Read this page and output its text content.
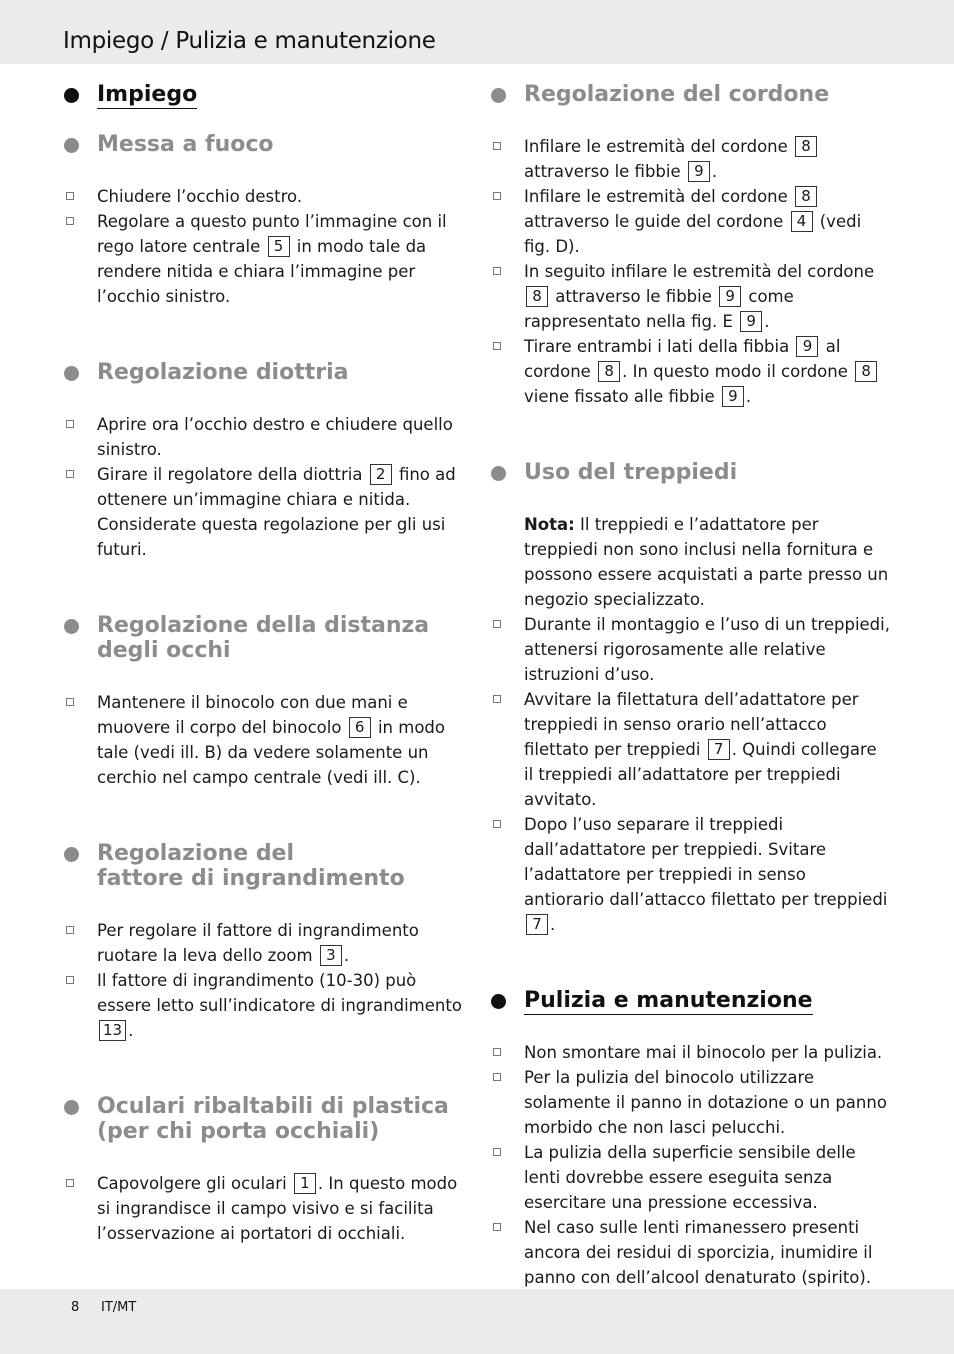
Impiego / Pulizia e manutenzione
Impiego
Messa a fuoco
Chiudere l’occhio destro.
Regolare a questo punto l’immagine con il rego latore centrale 5 in modo tale da rendere nitida e chiara l’immagine per l’occhio sinistro.
Regolazione diottria
Aprire ora l’occhio destro e chiudere quello sinistro.
Girare il regolatore della diottria 2 fino ad ottenere un’immagine chiara e nitida. Considerate questa regolazione per gli usi futuri.
Regolazione della distanza
degli occhi
Mantenere il binocolo con due mani e muovere il corpo del binocolo 6 in modo tale (vedi ill. B) da vedere solamente un cerchio nel campo centrale (vedi ill. C).
Regolazione del
fattore di ingrandimento
Per regolare il fattore di ingrandimento ruotare la leva dello zoom 3 .
Il fattore di ingrandimento (10-30) può essere letto sull’indicatore di ingrandimento 13 .
Oculari ribaltabili di plastica
(per chi porta occhiali)
Capovolgere gli oculari 1 . In questo modo si ingrandisce il campo visivo e si facilita l’osservazione ai portatori di occhiali.
Regolazione del cordone
Infilare le estremità del cordone 8 attraverso le fibbie 9 .
Infilare le estremità del cordone 8 attraverso le guide del cordone 4 (vedi fig. D).
In seguito infilare le estremità del cordone 8 attraverso le fibbie 9 come rappresentato nella fig. E 9 .
Tirare entrambi i lati della fibbia 9 al cordone 8 . In questo modo il cordone 8 viene fissato alle fibbie 9 .
Uso del treppiedi

Nota: Il treppiedi e l’adattatore per treppiedi non sono inclusi nella fornitura e possono essere acquistati a parte presso un negozio specializzato.

Durante il montaggio e l’uso di un treppiedi, attenersi rigorosamente alle relative istruzioni d’uso.
Avvitare la filettatura dell’adattatore per treppiedi in senso orario nell’attacco filettato per treppiedi 7 . Quindi collegare il treppiedi all’adattatore per treppiedi avvitato.
Dopo l’uso separare il treppiedi dall’adattatore per treppiedi. Svitare l’adattatore per treppiedi in senso antiorario dall’attacco filettato per treppiedi 7 .
Pulizia e manutenzione
Non smontare mai il binocolo per la pulizia.
Per la pulizia del binocolo utilizzare solamente il panno in dotazione o un panno morbido che non lasci pelucchi.
La pulizia della superficie sensibile delle lenti dovrebbe essere eseguita senza esercitare una pressione eccessiva.
Nel caso sulle lenti rimanessero presenti ancora dei residui di sporcizia, inumidire il panno con dell’alcool denaturato (spirito).
8 IT/MT
